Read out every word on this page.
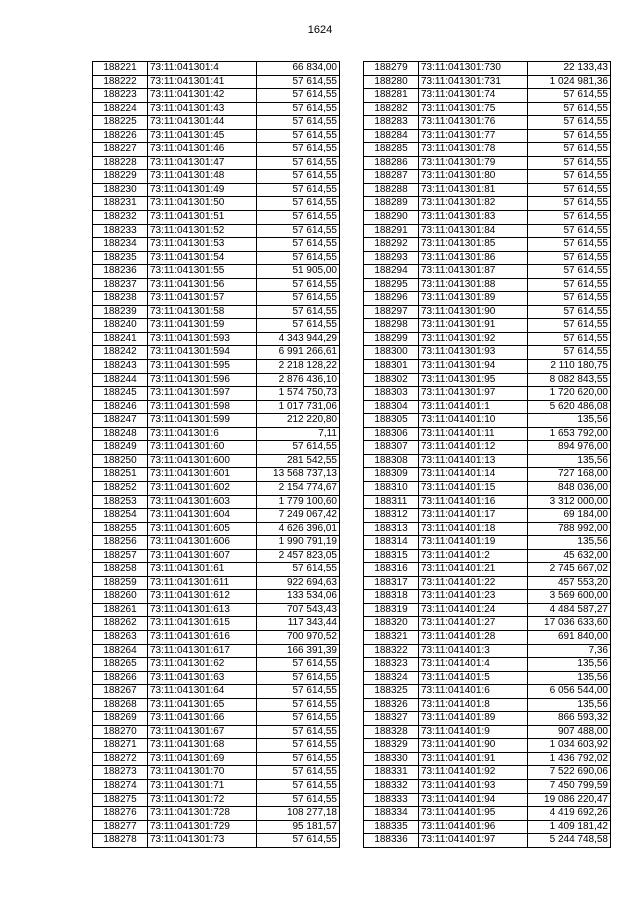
1624
188221	73:11:041301:4	66 834,00
188222	73:11:041301:41	57 614,55
188223	73:11:041301:42	57 614,55
188224	73:11:041301:43	57 614,55
188225	73:11:041301:44	57 614,55
188226	73:11:041301:45	57 614,55
188227	73:11:041301:46	57 614,55
188228	73:11:041301:47	57 614,55
188229	73:11:041301:48	57 614,55
188230	73:11:041301:49	57 614,55
188231	73:11:041301:50	57 614,55
188232	73:11:041301:51	57 614,55
188233	73:11:041301:52	57 614,55
188234	73:11:041301:53	57 614,55
188235	73:11:041301:54	57 614,55
188236	73:11:041301:55	51 905,00
188237	73:11:041301:56	57 614,55
188238	73:11:041301:57	57 614,55
188239	73:11:041301:58	57 614,55
188240	73:11:041301:59	57 614,55
188241	73:11:041301:593	4 343 944,29
188242	73:11:041301:594	6 991 266,61
188243	73:11:041301:595	2 218 128,22
188244	73:11:041301:596	2 876 436,10
188245	73:11:041301:597	1 574 750,73
188246	73:11:041301:598	1 017 731,06
188247	73:11:041301:599	212 220,80
188248	73:11:041301:6	7,11
188249	73:11:041301:60	57 614,55
188250	73:11:041301:600	281 542,55
188251	73:11:041301:601	13 568 737,13
188252	73:11:041301:602	2 154 774,67
188253	73:11:041301:603	1 779 100,60
188254	73:11:041301:604	7 249 067,42
188255	73:11:041301:605	4 626 396,01
188256	73:11:041301:606	1 990 791,19
188257	73:11:041301:607	2 457 823,05
188258	73:11:041301:61	57 614,55
188259	73:11:041301:611	922 694,63
188260	73:11:041301:612	133 534,06
188261	73:11:041301:613	707 543,43
188262	73:11:041301:615	117 343,44
188263	73:11:041301:616	700 970,52
188264	73:11:041301:617	166 391,39
188265	73:11:041301:62	57 614,55
188266	73:11:041301:63	57 614,55
188267	73:11:041301:64	57 614,55
188268	73:11:041301:65	57 614,55
188269	73:11:041301:66	57 614,55
188270	73:11:041301:67	57 614,55
188271	73:11:041301:68	57 614,55
188272	73:11:041301:69	57 614,55
188273	73:11:041301:70	57 614,55
188274	73:11:041301:71	57 614,55
188275	73:11:041301:72	57 614,55
188276	73:11:041301:728	108 277,18
188277	73:11:041301:729	95 181,57
188278	73:11:041301:73	57 614,55
188279	73:11:041301:730	22 133,43
188280	73:11:041301:731	1 024 981,36
188281	73:11:041301:74	57 614,55
188282	73:11:041301:75	57 614,55
188283	73:11:041301:76	57 614,55
188284	73:11:041301:77	57 614,55
188285	73:11:041301:78	57 614,55
188286	73:11:041301:79	57 614,55
188287	73:11:041301:80	57 614,55
188288	73:11:041301:81	57 614,55
188289	73:11:041301:82	57 614,55
188290	73:11:041301:83	57 614,55
188291	73:11:041301:84	57 614,55
188292	73:11:041301:85	57 614,55
188293	73:11:041301:86	57 614,55
188294	73:11:041301:87	57 614,55
188295	73:11:041301:88	57 614,55
188296	73:11:041301:89	57 614,55
188297	73:11:041301:90	57 614,55
188298	73:11:041301:91	57 614,55
188299	73:11:041301:92	57 614,55
188300	73:11:041301:93	57 614,55
188301	73:11:041301:94	2 110 180,75
188302	73:11:041301:95	8 082 843,55
188303	73:11:041301:97	1 720 620,00
188304	73:11:041401:1	5 620 486,08
188305	73:11:041401:10	135,56
188306	73:11:041401:11	1 653 792,00
188307	73:11:041401:12	894 976,00
188308	73:11:041401:13	135,56
188309	73:11:041401:14	727 168,00
188310	73:11:041401:15	848 036,00
188311	73:11:041401:16	3 312 000,00
188312	73:11:041401:17	69 184,00
188313	73:11:041401:18	788 992,00
188314	73:11:041401:19	135,56
188315	73:11:041401:2	45 632,00
188316	73:11:041401:21	2 745 667,02
188317	73:11:041401:22	457 553,20
188318	73:11:041401:23	3 569 600,00
188319	73:11:041401:24	4 484 587,27
188320	73:11:041401:27	17 036 633,60
188321	73:11:041401:28	691 840,00
188322	73:11:041401:3	7,36
188323	73:11:041401:4	135,56
188324	73:11:041401:5	135,56
188325	73:11:041401:6	6 056 544,00
188326	73:11:041401:8	135,56
188327	73:11:041401:89	866 593,32
188328	73:11:041401:9	907 488,00
188329	73:11:041401:90	1 034 603,92
188330	73:11:041401:91	1 436 792,02
188331	73:11:041401:92	7 522 690,06
188332	73:11:041401:93	7 450 799,59
188333	73:11:041401:94	19 086 220,47
188334	73:11:041401:95	4 419 692,26
188335	73:11:041401:96	1 409 181,42
188336	73:11:041401:97	5 244 748,58
